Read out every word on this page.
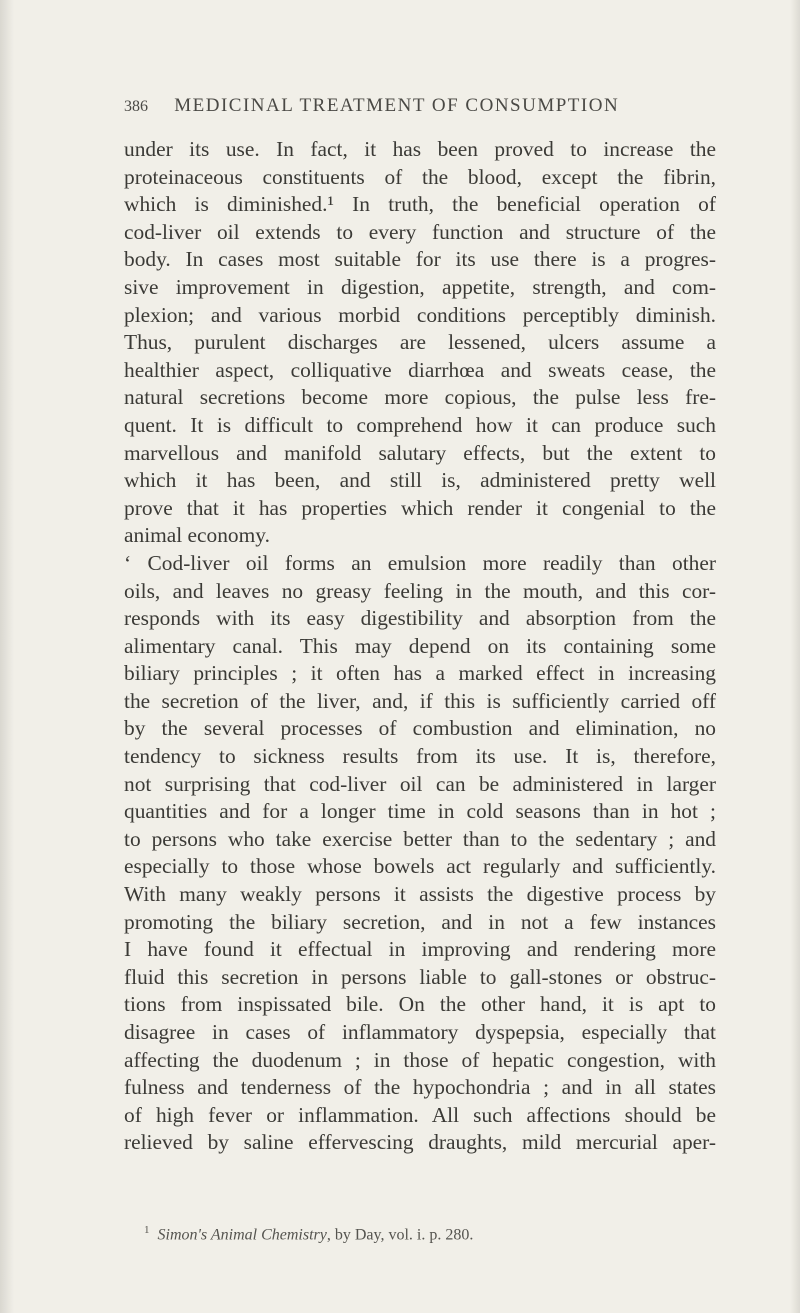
386 MEDICINAL TREATMENT OF CONSUMPTION
under its use. In fact, it has been proved to increase the
proteinaceous constituents of the blood, except the fibrin,
which is diminished.¹ In truth, the beneficial operation of
cod-liver oil extends to every function and structure of the
body. In cases most suitable for its use there is a progres-
sive improvement in digestion, appetite, strength, and com-
plexion; and various morbid conditions perceptibly diminish.
Thus, purulent discharges are lessened, ulcers assume a
healthier aspect, colliquative diarrhœa and sweats cease, the
natural secretions become more copious, the pulse less fre-
quent. It is difficult to comprehend how it can produce such
marvellous and manifold salutary effects, but the extent to
which it has been, and still is, administered pretty well
prove that it has properties which render it congenial to the
animal economy.
‘ Cod-liver oil forms an emulsion more readily than other
oils, and leaves no greasy feeling in the mouth, and this cor-
responds with its easy digestibility and absorption from the
alimentary canal. This may depend on its containing some
biliary principles ; it often has a marked effect in increasing
the secretion of the liver, and, if this is sufficiently carried off
by the several processes of combustion and elimination, no
tendency to sickness results from its use. It is, therefore,
not surprising that cod-liver oil can be administered in larger
quantities and for a longer time in cold seasons than in hot ;
to persons who take exercise better than to the sedentary ; and
especially to those whose bowels act regularly and sufficiently.
With many weakly persons it assists the digestive process by
promoting the biliary secretion, and in not a few instances
I have found it effectual in improving and rendering more
fluid this secretion in persons liable to gall-stones or obstruc-
tions from inspissated bile. On the other hand, it is apt to
disagree in cases of inflammatory dyspepsia, especially that
affecting the duodenum ; in those of hepatic congestion, with
fulness and tenderness of the hypochondria ; and in all states
of high fever or inflammation. All such affections should be
relieved by saline effervescing draughts, mild mercurial aper-
$^1$ Simon's Animal Chemistry, by Day, vol. i. p. 280.
